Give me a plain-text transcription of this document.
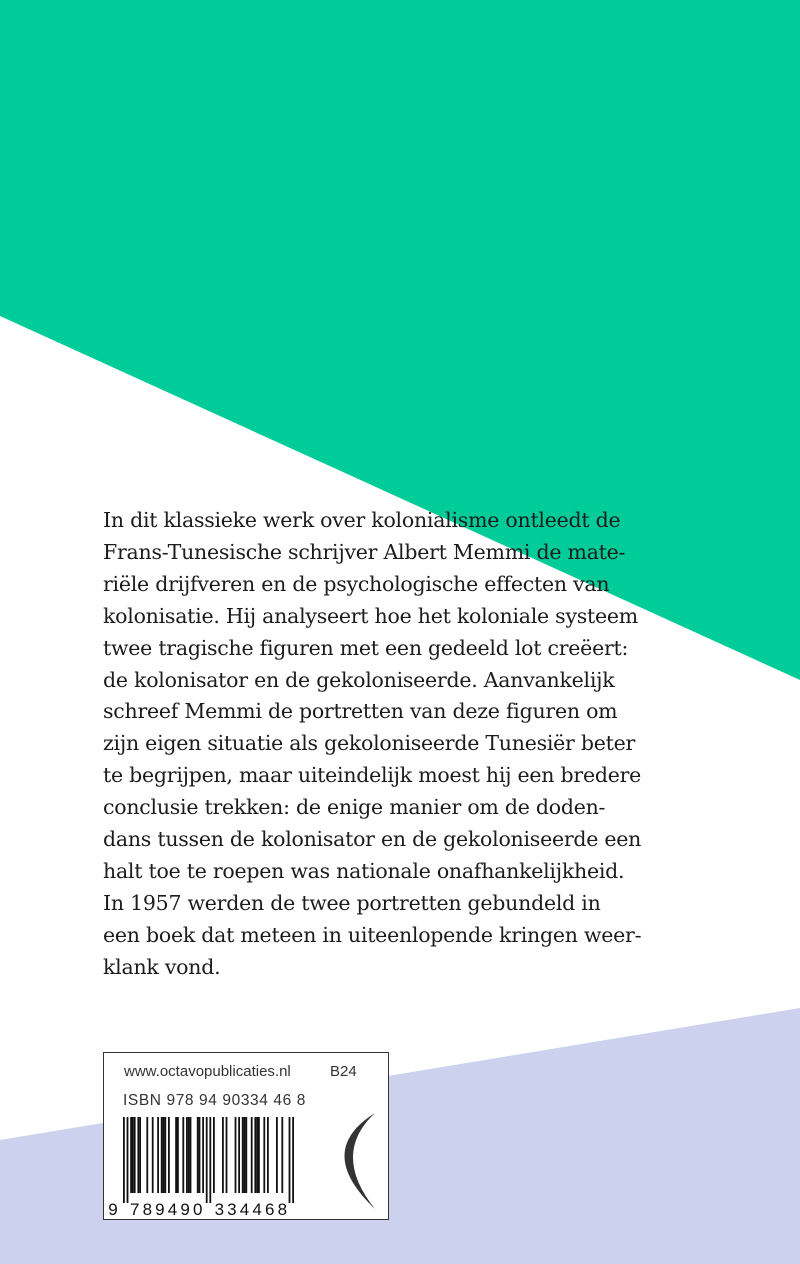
In dit klassieke werk over kolonialisme ontleedt de
Frans-Tunesische schrijver Albert Memmi de mate-
riële drijfveren en de psychologische effecten van
kolonisatie. Hij analyseert hoe het koloniale systeem
twee tragische figuren met een gedeeld lot creëert:
de kolonisator en de gekoloniseerde. Aanvankelijk
schreef Memmi de portretten van deze figuren om
zijn eigen situatie als gekoloniseerde Tunesiër beter
te begrijpen, maar uiteindelijk moest hij een bredere
conclusie trekken: de enige manier om de doden-
dans tussen de kolonisator en de gekoloniseerde een
halt toe te roepen was nationale onafhankelijkheid.
In 1957 werden de twee portretten gebundeld in
een boek dat meteen in uiteenlopende kringen weer-
klank vond.
www.octavopublicaties.nl	B24
ISBN 978 94 90334 46 8
9 7 8 9 4 9 0 3 3 4 4 6 8
